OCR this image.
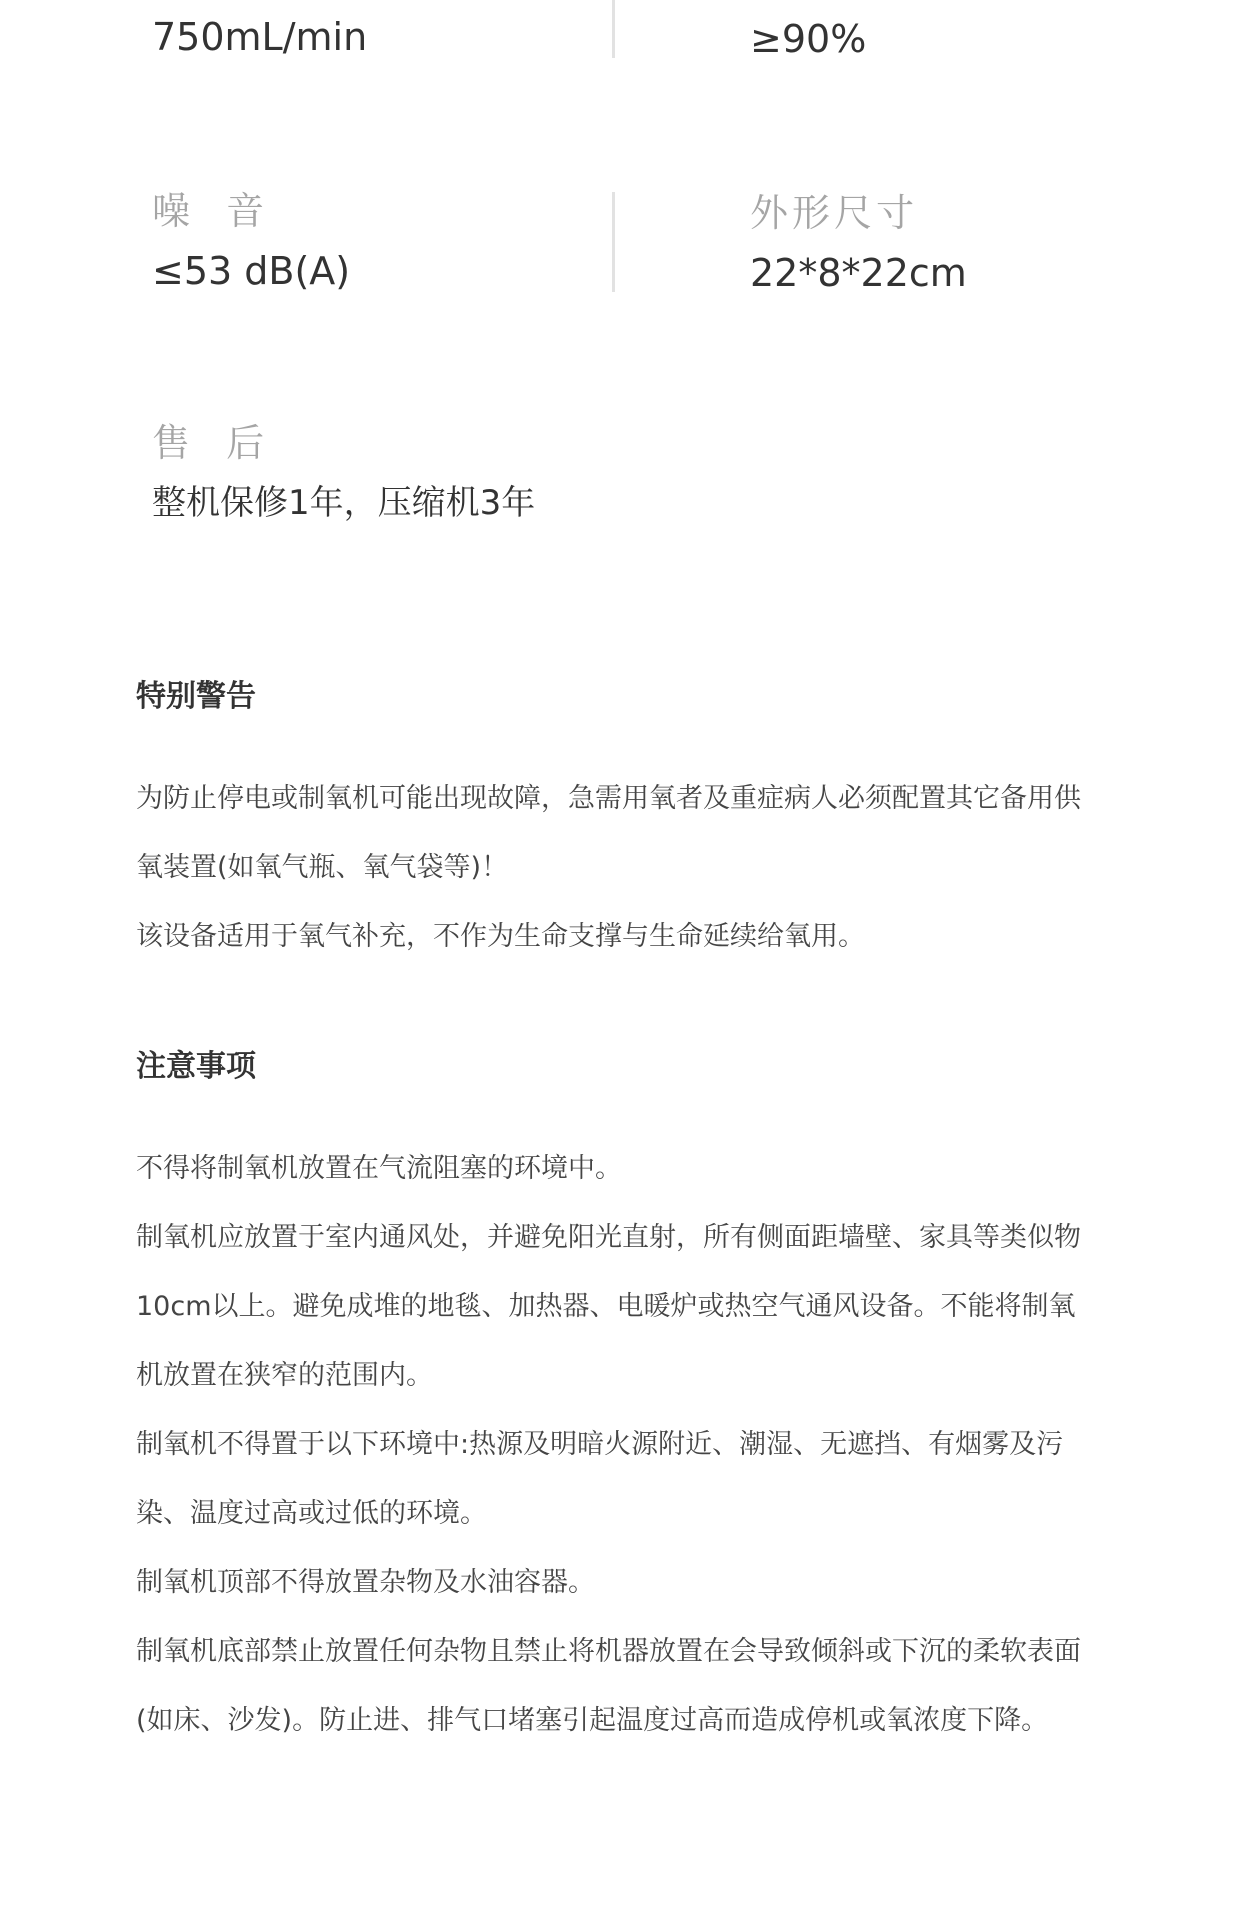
750mL/min	≥90%
噪  音
≤53 dB(A)
外形尺寸
22*8*22cm
售  后
整机保修1年，压缩机3年
特别警告

为防止停电或制氧机可能出现故障，急需用氧者及重症病人必须配置其它备用供氧装置(如氧气瓶、氧气袋等)！

该设备适用于氧气补充，不作为生命支撑与生命延续给氧用。

注意事项

不得将制氧机放置在气流阻塞的环境中。

制氧机应放置于室内通风处，并避免阳光直射，所有侧面距墙壁、家具等类似物10cm以上。避免成堆的地毯、加热器、电暖炉或热空气通风设备。不能将制氧机放置在狭窄的范围内。

制氧机不得置于以下环境中:热源及明暗火源附近、潮湿、无遮挡、有烟雾及污染、温度过高或过低的环境。

制氧机顶部不得放置杂物及水油容器。

制氧机底部禁止放置任何杂物且禁止将机器放置在会导致倾斜或下沉的柔软表面(如床、沙发)。防止进、排气口堵塞引起温度过高而造成停机或氧浓度下降。
